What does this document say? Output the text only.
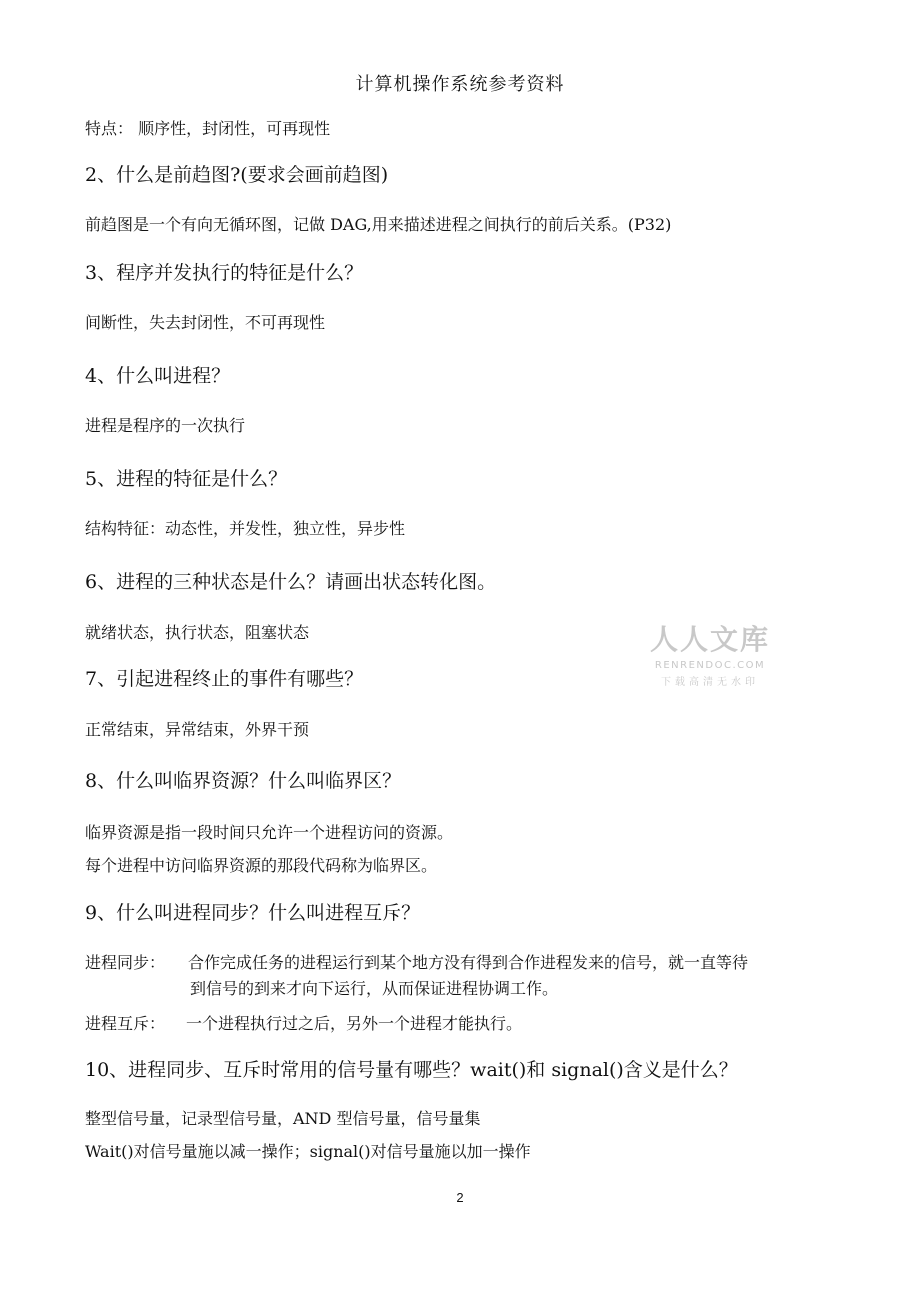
计算机操作系统参考资料
特点： 顺序性，封闭性，可再现性
2、什么是前趋图?(要求会画前趋图)
前趋图是一个有向无循环图，记做 DAG,用来描述进程之间执行的前后关系。(P32)
3、程序并发执行的特征是什么？
间断性，失去封闭性，不可再现性
4、什么叫进程？
进程是程序的一次执行
5、进程的特征是什么？
结构特征：动态性，并发性，独立性，异步性
6、进程的三种状态是什么？请画出状态转化图。
就绪状态，执行状态，阻塞状态
7、引起进程终止的事件有哪些？
正常结束，异常结束，外界干预
8、什么叫临界资源？什么叫临界区？
临界资源是指一段时间只允许一个进程访问的资源。
每个进程中访问临界资源的那段代码称为临界区。
9、什么叫进程同步？什么叫进程互斥？
进程同步： 合作完成任务的进程运行到某个地方没有得到合作进程发来的信号，就一直等待
到信号的到来才向下运行，从而保证进程协调工作。
进程互斥： 一个进程执行过之后，另外一个进程才能执行。
10、进程同步、互斥时常用的信号量有哪些？wait()和 signal()含义是什么？
整型信号量，记录型信号量，AND 型信号量，信号量集
Wait()对信号量施以减一操作；signal()对信号量施以加一操作
人人文库
RENRENDOC.COM
下载高清无水印
2
